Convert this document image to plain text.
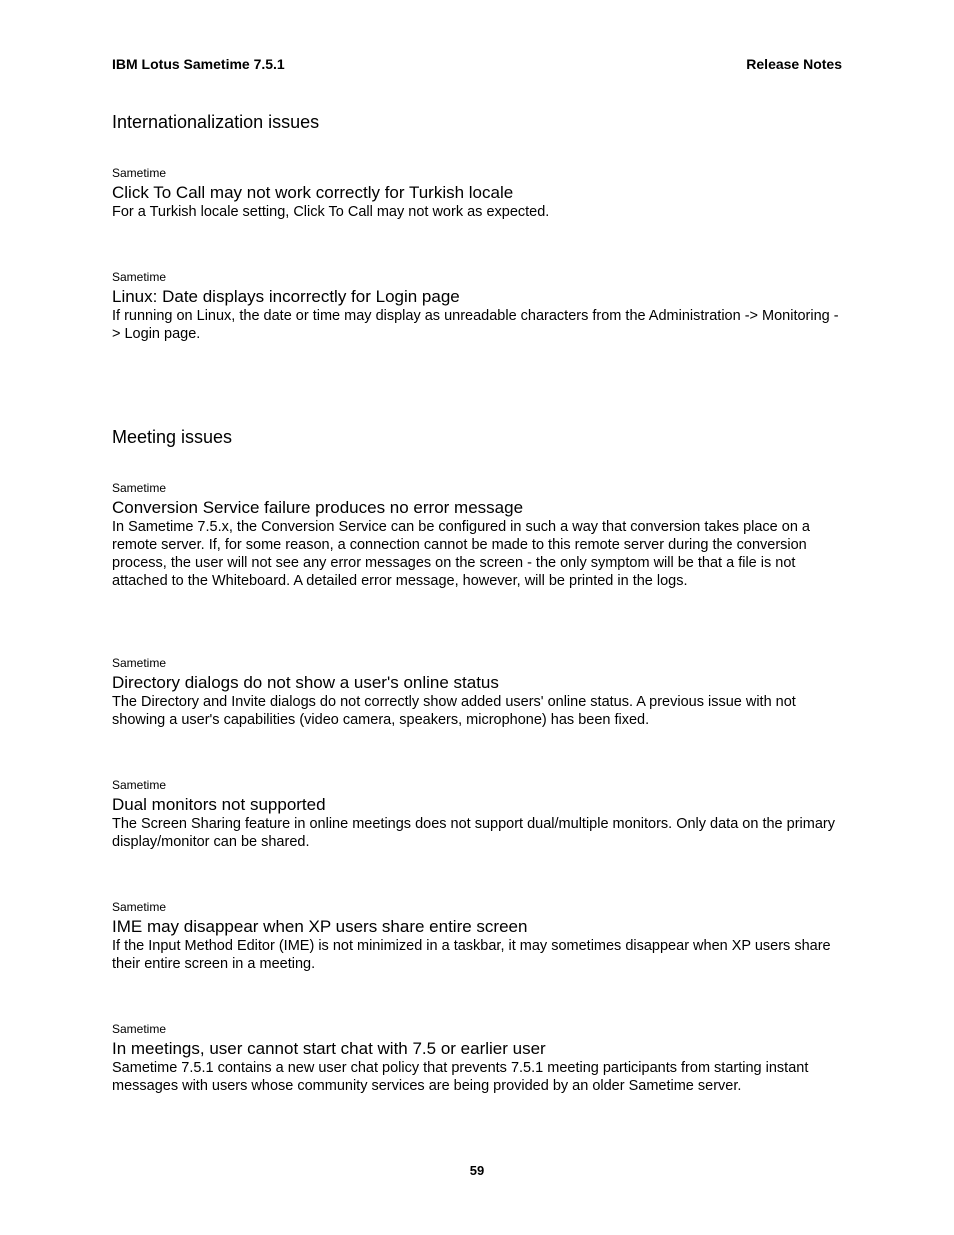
IBM Lotus Sametime 7.5.1	Release Notes
Internationalization issues

Sametime

Click To Call may not work correctly for Turkish locale

For a Turkish locale setting, Click To Call may not work as expected.

Sametime

Linux: Date displays incorrectly for Login page

If running on Linux, the date or time may display as unreadable characters from the Administration -> Monitoring -> Login page.

Meeting issues

Sametime

Conversion Service failure produces no error message

In Sametime 7.5.x, the Conversion Service can be configured in such a way that conversion takes place on a remote server. If, for some reason, a connection cannot be made to this remote server during the conversion process, the user will not see any error messages on the screen - the only symptom will be that a file is not attached to the Whiteboard. A detailed error message, however, will be printed in the logs.

Sametime

Directory dialogs do not show a user's online status

The Directory and Invite dialogs do not correctly show added users' online status. A previous issue with not showing a user's capabilities (video camera, speakers, microphone) has been fixed.

Sametime

Dual monitors not supported

The Screen Sharing feature in online meetings does not support dual/multiple monitors. Only data on the primary display/monitor can be shared.

Sametime

IME may disappear when XP users share entire screen

If the Input Method Editor (IME) is not minimized in a taskbar, it may sometimes disappear when XP users share their entire screen in a meeting.

Sametime

In meetings, user cannot start chat with 7.5 or earlier user

Sametime 7.5.1 contains a new user chat policy that prevents 7.5.1 meeting participants from starting instant messages with users whose community services are being provided by an older Sametime server.

59
